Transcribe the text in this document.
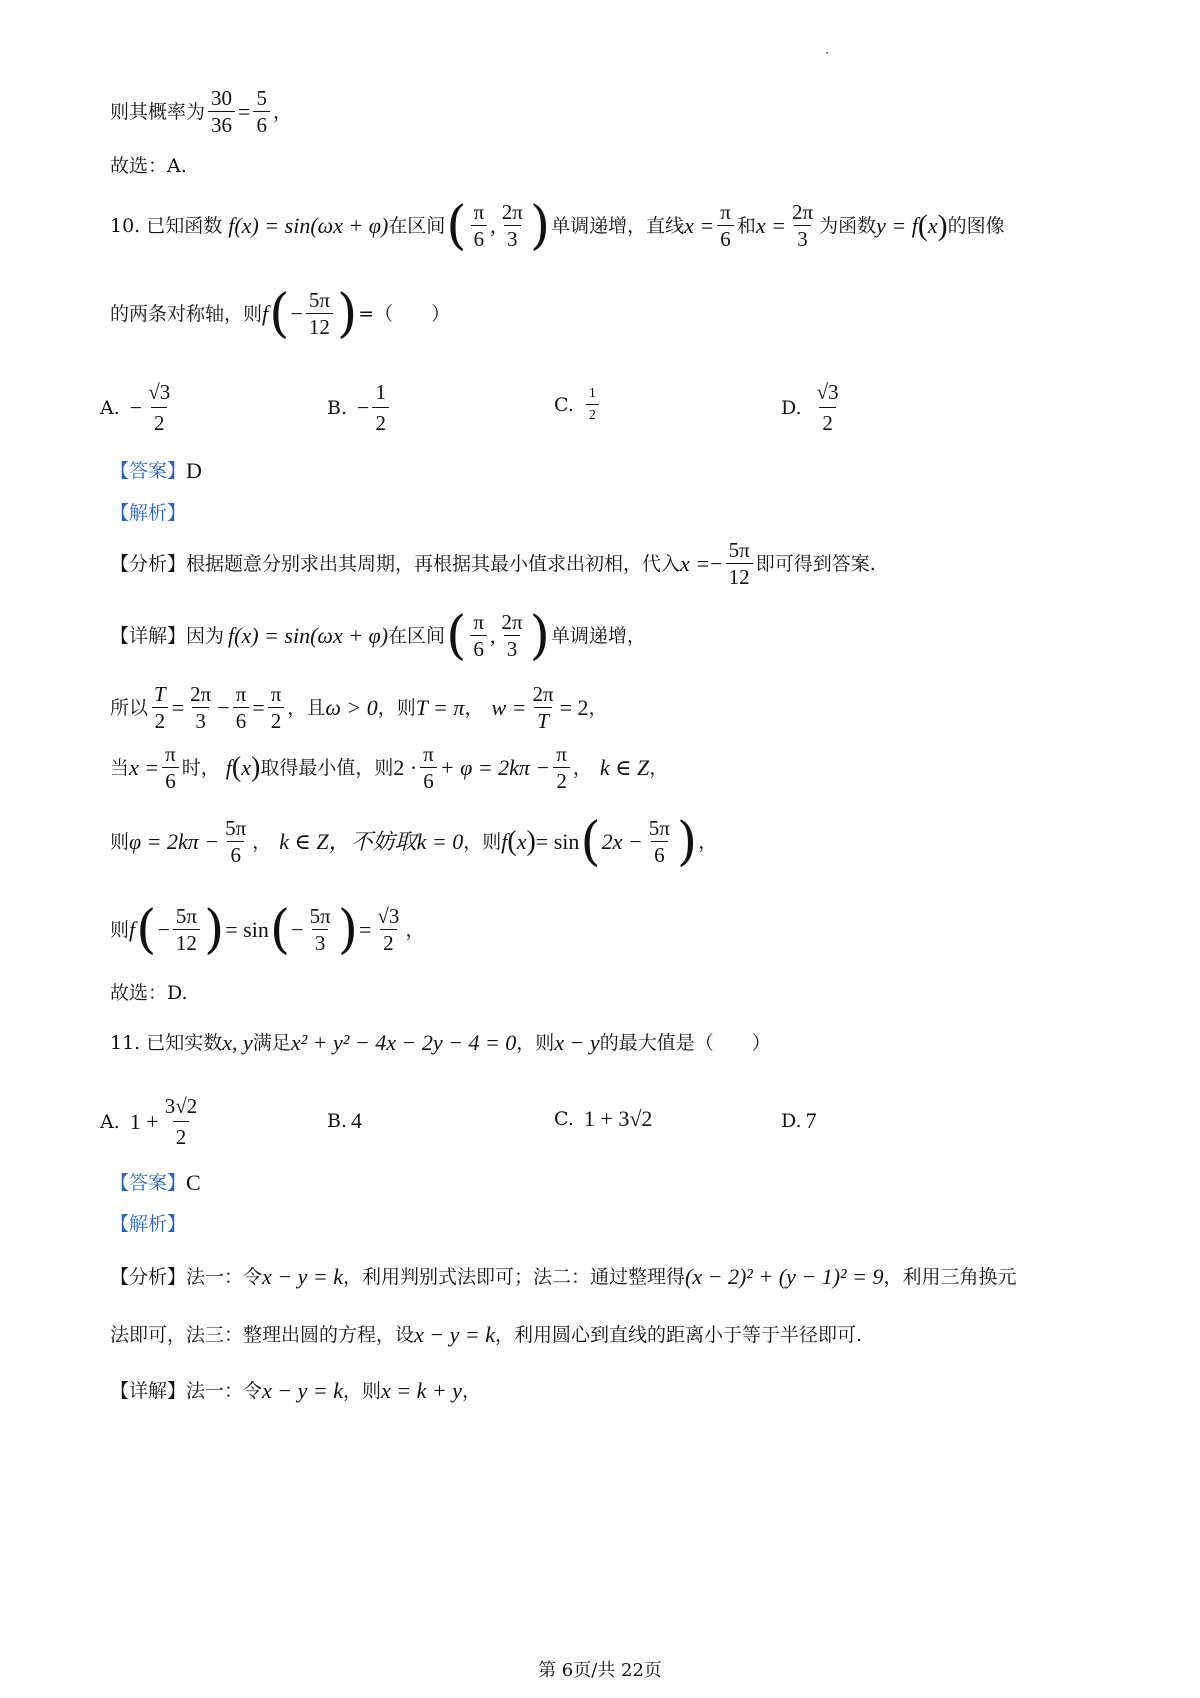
则其概率为 $\frac{30}{36} = \frac{5}{6}$ ，
故选：A.
10. 已知函数 f(x) = sin(ωx + φ) 在区间 ( $\frac{\pi}{6}$ , $\frac{2\pi}{3}$ ) 单调递增，直线 $x = \frac{\pi}{6}$ 和 $x = \frac{2\pi}{3}$ 为函数 y = f ( x ) 的图像
的两条对称轴，则 f ( − $\frac{5\pi}{12}$ ) =（　　）
A. − $\frac{√3}{2}$	B. − $\frac{1}{2}$	C. $\frac{1}{2}$	D. $\frac{√3}{2}$
【答案】 D
【解析】
【分析】 根据题意分别求出其周期，再根据其最小值求出初相，代入 x = − $\frac{5\pi}{12}$ 即可得到答案.
【详解】 因为 f(x) = sin(ωx + φ) 在区间 ( $\frac{\pi}{6}$ , $\frac{2\pi}{3}$ ) 单调递增，
所以 $\frac{T}{2} = \frac{2\pi}{3} - \frac{\pi}{6} = \frac{\pi}{2}$ ，且 ω > 0 ，则 T = π ， $w = \frac{2\pi}{T} = 2$ ，
当 $x = \frac{\pi}{6}$ 时， f ( x ) 取得最小值，则 $2 \cdot \frac{\pi}{6} + \varphi = 2k\pi - \frac{\pi}{2}$ ， k ∈ Z ，
则 $\varphi = 2k\pi - \frac{5\pi}{6}$ ， k ∈ Z，不妨取 k = 0 ，则 f ( x ) = sin ( $2x - \frac{5\pi}{6}$ ) ，
则 f ( − $\frac{5\pi}{12}$ ) = sin ( − $\frac{5\pi}{3}$ ) = $\frac{√3}{2}$ ，
故选：D.
11. 已知实数 x, y 满足 x² + y² − 4x − 2y − 4 = 0 ，则 x − y 的最大值是（　　）
A. $1 + \frac{3√2}{2}$	B. 4	C. 1 + 3√2	D. 7
【答案】 C
【解析】
【分析】 法一：令 x − y = k ，利用判别式法即可；法二：通过整理得 (x − 2)² + (y − 1)² = 9 ，利用三角换元
法即可，法三：整理出圆的方程，设 x − y = k ，利用圆心到直线的距离小于等于半径即可.
【详解】 法一：令 x − y = k ，则 x = k + y ，
第 6页/共 22页
